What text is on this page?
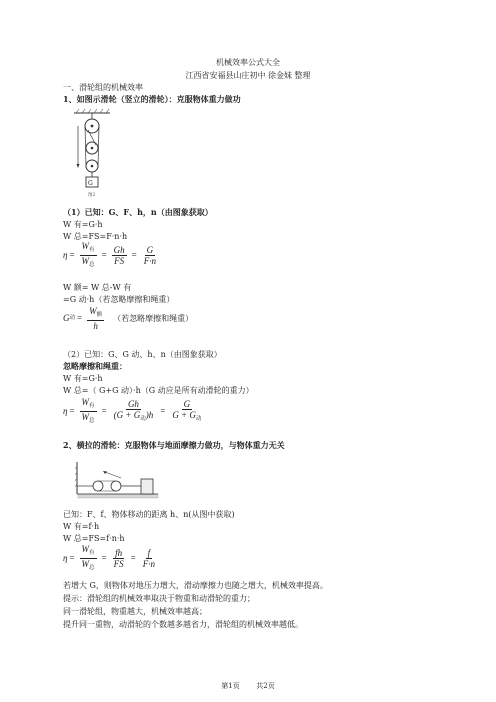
机械效率公式大全
江西省安福县山庄初中 徐金妹 整理
一、滑轮组的机械效率
1、如图示滑轮（竖立的滑轮）：克服物体重力做功
G
图2
（1）已知：G、F、h，n（由图象获取）
W 有=G·h
W 总=FS=F·n·h
$\eta = \frac{W_有}{W_总} = \frac{Gh}{FS} = \frac{G}{F\cdot n}$
W 额= W 总-W 有
=G 动·h（若忽略摩擦和绳重）
G 动 = $\frac{W_额}{h}$ （若忽略摩擦和绳重）
（2）已知：G、G 动、h、n（由图象获取）
忽略摩擦和绳重：
W 有=G·h
W 总=（ G+G 动）·h（G 动应是所有动滑轮的重力）
$\eta = \frac{W_有}{W_总} = \frac{Gh}{(G + G_动)h} = \frac{G}{G + G_动}$
2、横拉的滑轮：克服物体与地面摩擦力做功，与物体重力无关
已知：F、f、物体移动的距离 h、n(从图中获取)
W 有=f·h
W 总=FS=f·n·h
$\eta = \frac{W_有}{W_总} = \frac{fh}{FS} = \frac{f}{F\cdot n}$
若增大 G，则物体对地压力增大，滑动摩擦力也随之增大，机械效率提高。
提示：滑轮组的机械效率取决于物重和动滑轮的重力；
同一滑轮组，物重越大，机械效率越高；
提升同一重物，动滑轮的个数越多越省力，滑轮组的机械效率越低。
第1页 共2页
